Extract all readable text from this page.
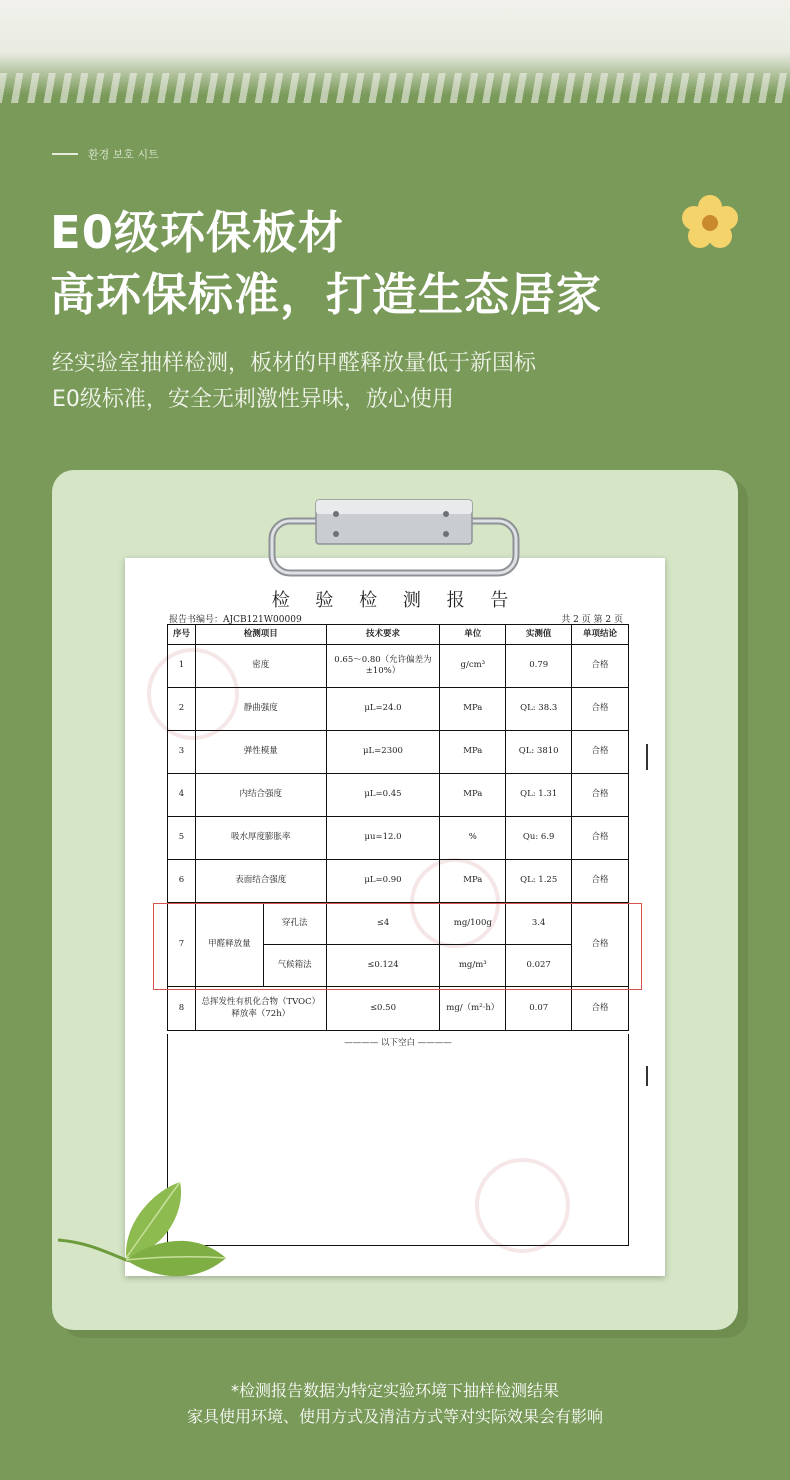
환경 보호 시트
E0级环保板材
高环保标准，打造生态居家
经实验室抽样检测，板材的甲醛释放量低于新国标
E0级标准，安全无刺激性异味，放心使用
检 验 检 测 报 告
报告书编号：AJCB121W00009	共 2 页 第 2 页
序号	检测项目		技术要求	单位	实测值	单项结论
1	密度		0.65～0.80（允许偏差为±10%）	g/cm³	0.79	合格
2	静曲强度		μL=24.0	MPa	QL: 38.3	合格
3	弹性模量		μL=2300	MPa	QL: 3810	合格
4	内结合强度		μL=0.45	MPa	QL: 1.31	合格
5	吸水厚度膨胀率		μu=12.0	%	Qu: 6.9	合格
6	表面结合强度		μL=0.90	MPa	QL: 1.25	合格
7	甲醛释放量	穿孔法	≤4	mg/100g	3.4	合格
		气候箱法	≤0.124	mg/m³	0.027	
8	总挥发性有机化合物（TVOC）释放率（72h）		≤0.50	mg/（m²·h）	0.07	合格
———— 以下空白 ————
*检测报告数据为特定实验环境下抽样检测结果
家具使用环境、使用方式及清洁方式等对实际效果会有影响
